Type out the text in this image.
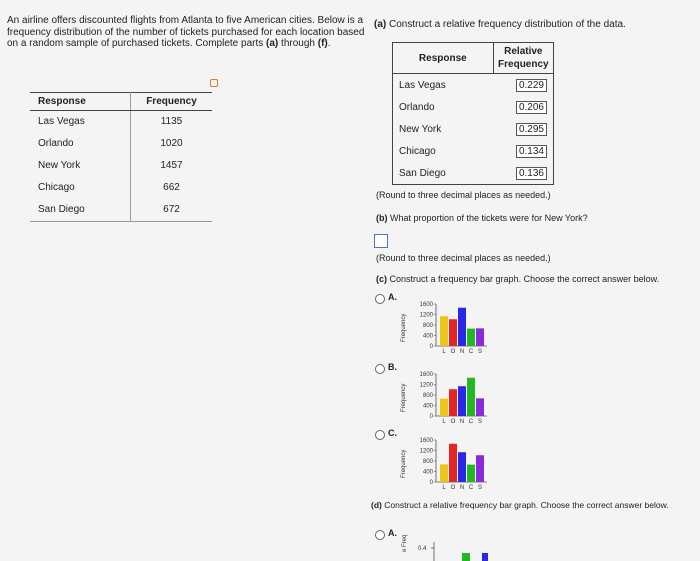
An airline offers discounted flights from Atlanta to five American cities. Below is a frequency distribution of the number of tickets purchased for each location based on a random sample of purchased tickets. Complete parts (a) through (f).
Response	Frequency
Las Vegas	1135
Orlando	1020
New York	1457
Chicago	662
San Diego	672
(a) Construct a relative frequency distribution of the data.
Response	Relative Frequency
Las Vegas	0.229
Orlando	0.206
New York	0.295
Chicago	0.134
San Diego	0.136
(Round to three decimal places as needed.)
(b) What proportion of the tickets were for New York?
(Round to three decimal places as needed.)
(c) Construct a frequency bar graph. Choose the correct answer below.
A.
Frequency
0
400
800
1200
1600
L O N C S
B.
Frequency
0
400
800
1200
1600
L O N C S
C.
Frequency
0
400
800
1200
1600
L O N C S
(d) Construct a relative frequency bar graph. Choose the correct answer below.
A.
e Freq 0.4
